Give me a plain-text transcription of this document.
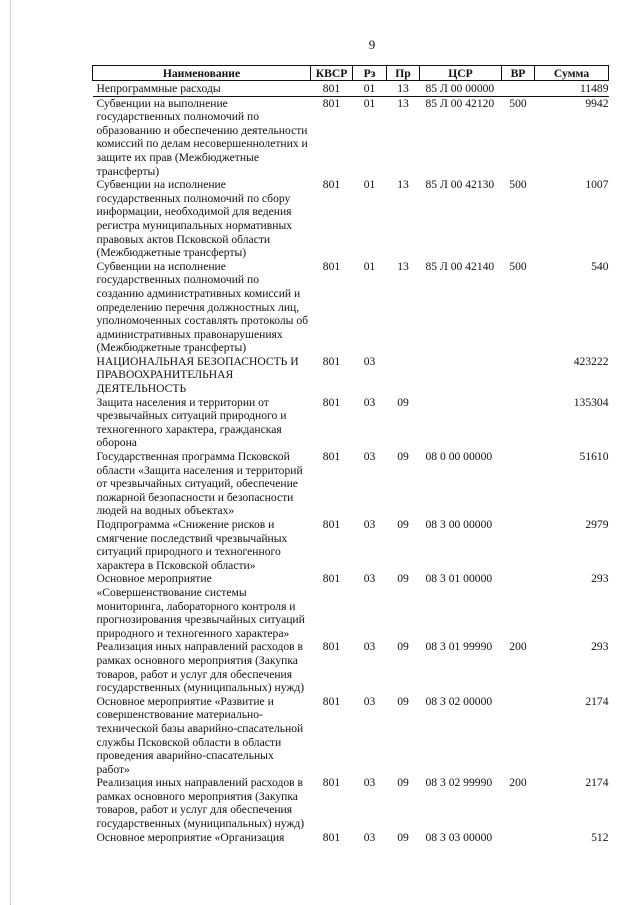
9
Наименование	КВСР	Рз	Пр	ЦСР	ВР	Сумма
Непрограммные расходы	801	01	13	85 Л 00 00000		11489
Субвенции на выполнение государственных полномочий по образованию и обеспечению деятельности комиссий по делам несовершеннолетних и защите их прав (Межбюджетные трансферты)	801	01	13	85 Л 00 42120	500	9942
Субвенции на исполнение государственных полномочий по сбору информации, необходимой для ведения регистра муниципальных нормативных правовых актов Псковской области (Межбюджетные трансферты)	801	01	13	85 Л 00 42130	500	1007
Субвенции на исполнение государственных полномочий по созданию административных комиссий и определению перечня должностных лиц, уполномоченных составлять протоколы об административных правонарушениях (Межбюджетные трансферты)	801	01	13	85 Л 00 42140	500	540
НАЦИОНАЛЬНАЯ БЕЗОПАСНОСТЬ И ПРАВООХРАНИТЕЛЬНАЯ ДЕЯТЕЛЬНОСТЬ	801	03				423222
Защита населения и территории от чрезвычайных ситуаций природного и техногенного характера, гражданская оборона	801	03	09			135304
Государственная программа Псковской области «Защита населения и территорий от чрезвычайных ситуаций, обеспечение пожарной безопасности и безопасности людей на водных объектах»	801	03	09	08 0 00 00000		51610
Подпрограмма «Снижение рисков и смягчение последствий чрезвычайных ситуаций природного и техногенного характера в Псковской области»	801	03	09	08 3 00 00000		2979
Основное мероприятие «Совершенствование системы мониторинга, лабораторного контроля и прогнозирования чрезвычайных ситуаций природного и техногенного характера»	801	03	09	08 3 01 00000		293
Реализация иных направлений расходов в рамках основного мероприятия (Закупка товаров, работ и услуг для обеспечения государственных (муниципальных) нужд)	801	03	09	08 3 01 99990	200	293
Основное мероприятие «Развитие и совершенствование материально-технической базы аварийно-спасательной службы Псковской области в области проведения аварийно-спасательных работ»	801	03	09	08 3 02 00000		2174
Реализация иных направлений расходов в рамках основного мероприятия (Закупка товаров, работ и услуг для обеспечения государственных (муниципальных) нужд)	801	03	09	08 3 02 99990	200	2174
Основное мероприятие «Организация	801	03	09	08 3 03 00000		512
